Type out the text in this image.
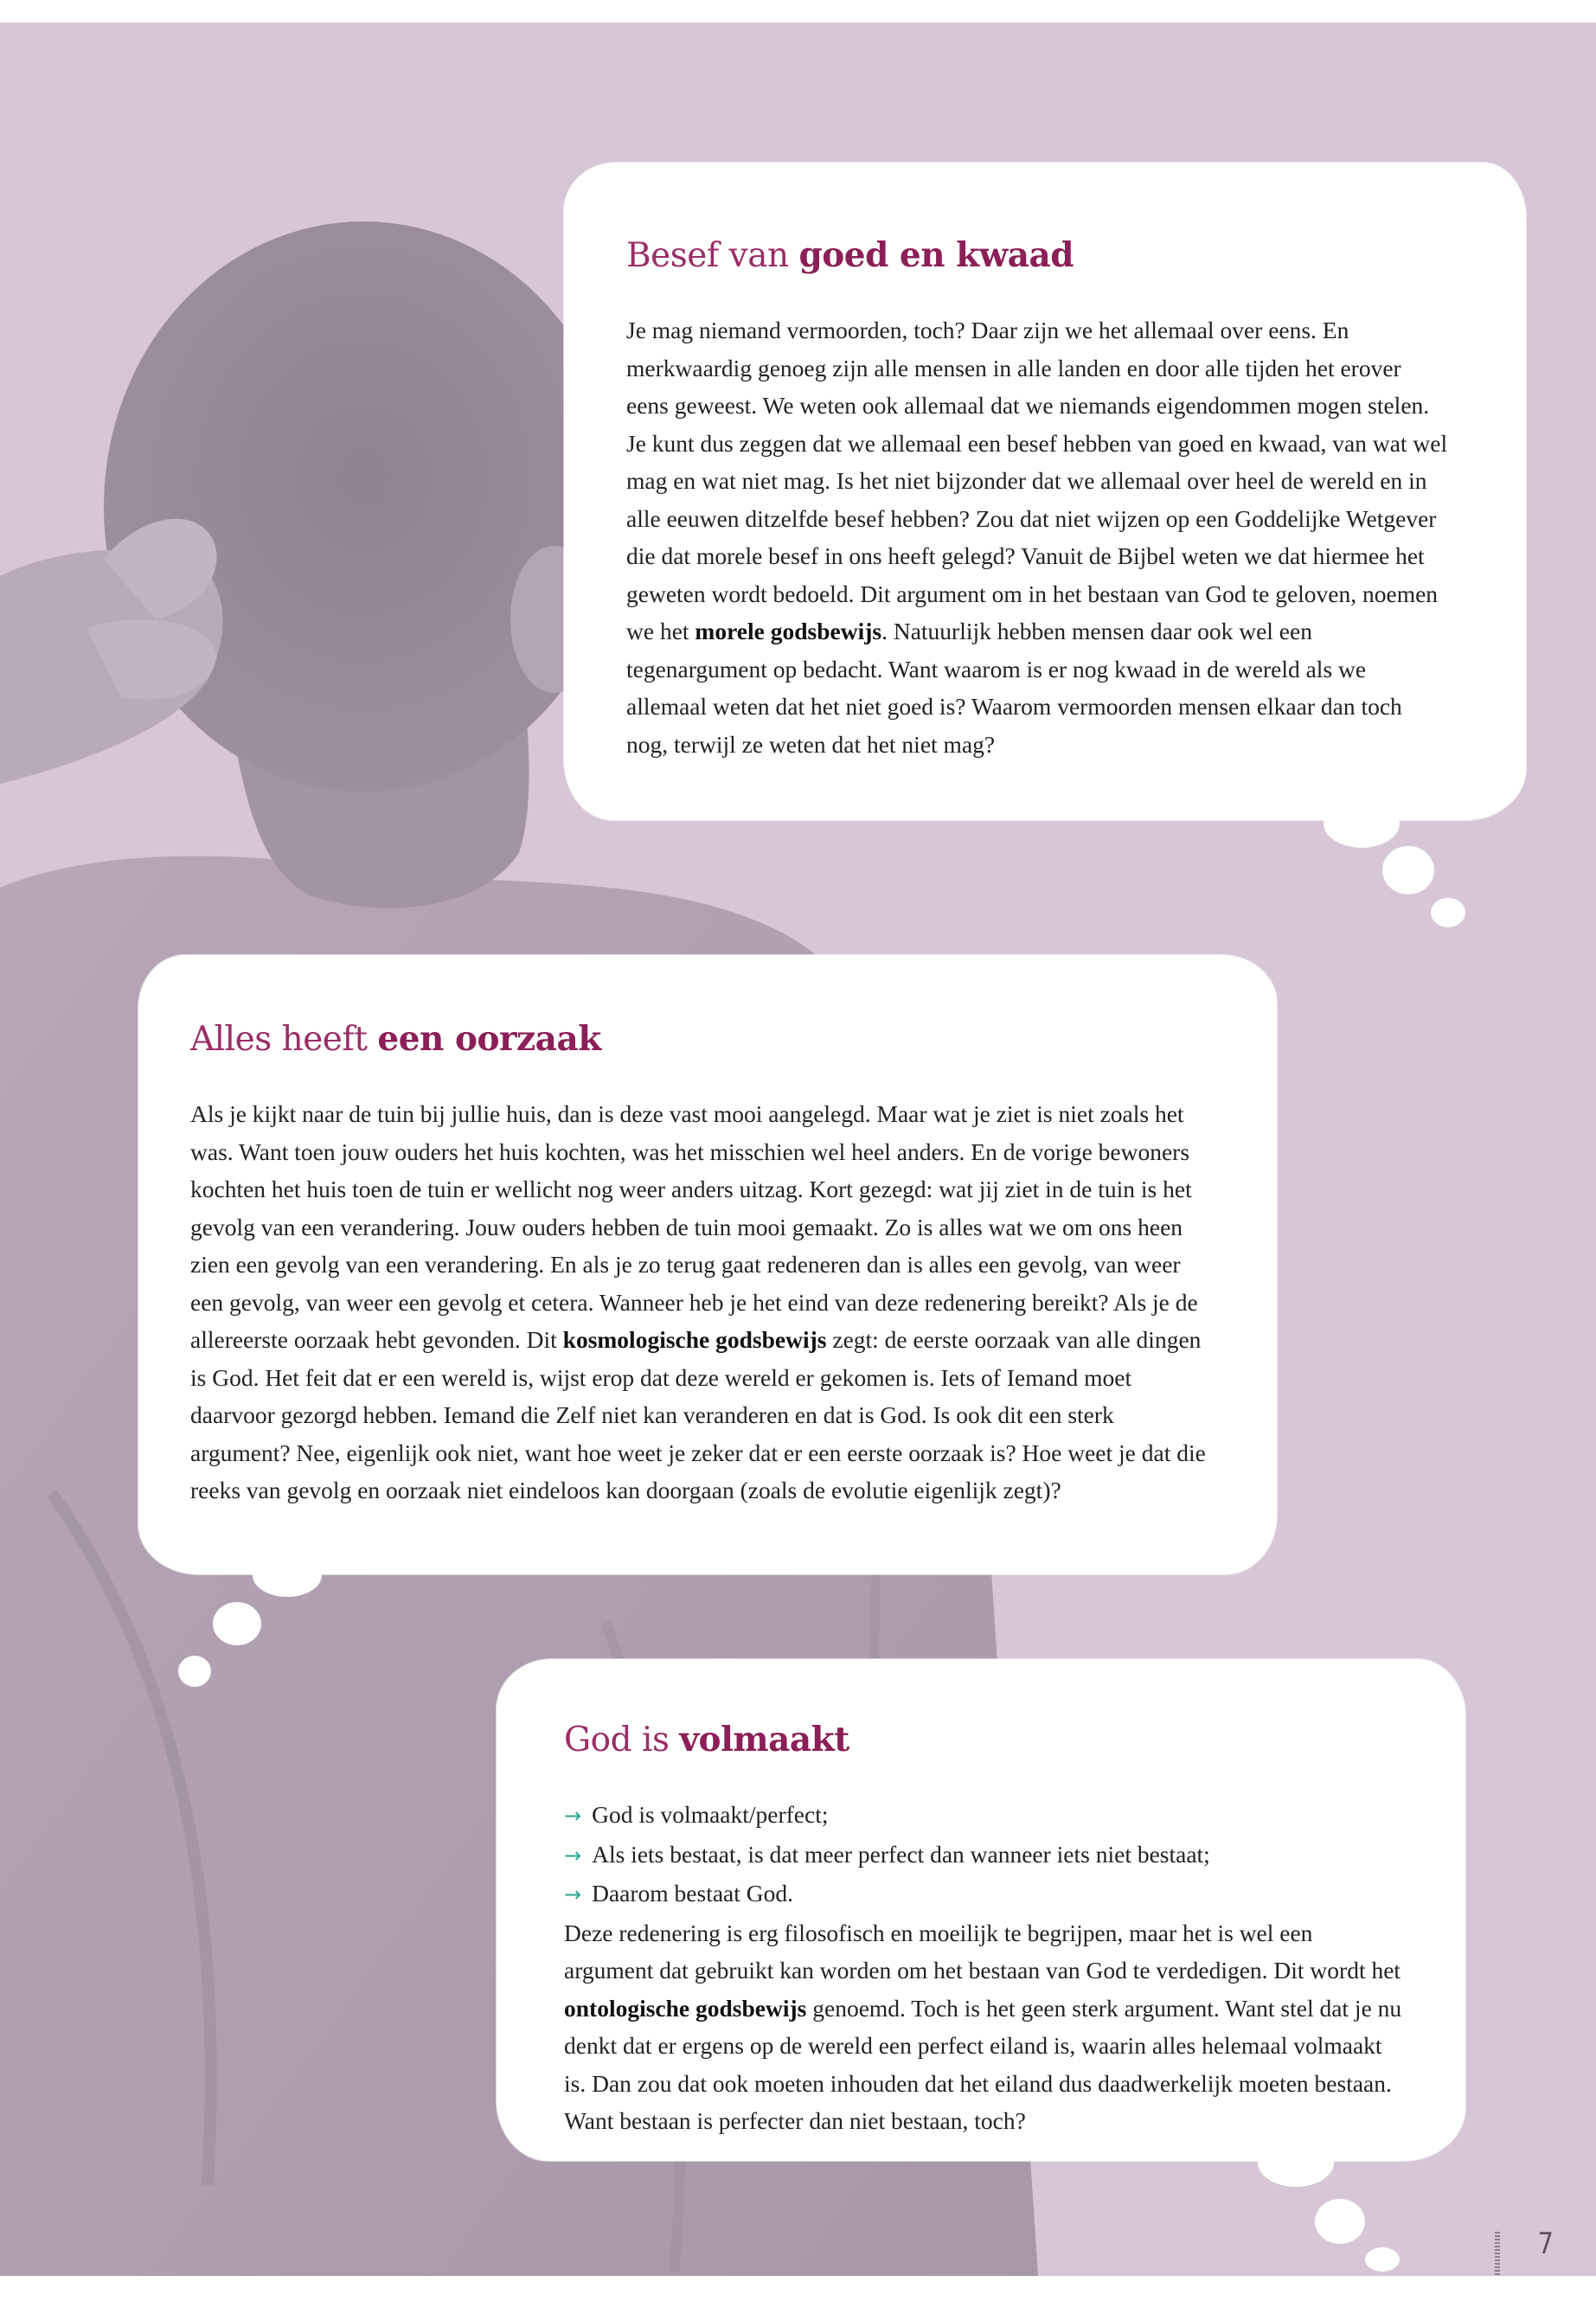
Besef van goed en kwaad

Je mag niemand vermoorden, toch? Daar zijn we het allemaal over eens. En merkwaardig genoeg zijn alle mensen in alle landen en door alle tijden het erover eens geweest. We weten ook allemaal dat we niemands eigendommen mogen stelen. Je kunt dus zeggen dat we allemaal een besef hebben van goed en kwaad, van wat wel mag en wat niet mag. Is het niet bijzonder dat we allemaal over heel de wereld en in alle eeuwen ditzelfde besef hebben? Zou dat niet wijzen op een Goddelijke Wetgever die dat morele besef in ons heeft gelegd? Vanuit de Bijbel weten we dat hiermee het geweten wordt bedoeld. Dit argument om in het bestaan van God te geloven, noemen we het morele godsbewijs. Natuurlijk hebben mensen daar ook wel een tegenargument op bedacht. Want waarom is er nog kwaad in de wereld als we allemaal weten dat het niet goed is? Waarom vermoorden mensen elkaar dan toch nog, terwijl ze weten dat het niet mag?

Alles heeft een oorzaak

Als je kijkt naar de tuin bij jullie huis, dan is deze vast mooi aangelegd. Maar wat je ziet is niet zoals het was. Want toen jouw ouders het huis kochten, was het misschien wel heel anders. En de vorige bewoners kochten het huis toen de tuin er wellicht nog weer anders uitzag. Kort gezegd: wat jij ziet in de tuin is het gevolg van een verandering. Jouw ouders hebben de tuin mooi gemaakt. Zo is alles wat we om ons heen zien een gevolg van een verandering. En als je zo terug gaat redeneren dan is alles een gevolg, van weer een gevolg, van weer een gevolg et cetera. Wanneer heb je het eind van deze redenering bereikt? Als je de allereerste oorzaak hebt gevonden. Dit kosmologische godsbewijs zegt: de eerste oorzaak van alle dingen is God. Het feit dat er een wereld is, wijst erop dat deze wereld er gekomen is. Iets of Iemand moet daarvoor gezorgd hebben. Iemand die Zelf niet kan veranderen en dat is God. Is ook dit een sterk argument? Nee, eigenlijk ook niet, want hoe weet je zeker dat er een eerste oorzaak is? Hoe weet je dat die reeks van gevolg en oorzaak niet eindeloos kan doorgaan (zoals de evolutie eigenlijk zegt)?

God is volmaakt
→ God is volmaakt/perfect;
→ Als iets bestaat, is dat meer perfect dan wanneer iets niet bestaat;
→ Daarom bestaat God.

Deze redenering is erg filosofisch en moeilijk te begrijpen, maar het is wel een argument dat gebruikt kan worden om het bestaan van God te verdedigen. Dit wordt het ontologische godsbewijs genoemd. Toch is het geen sterk argument. Want stel dat je nu denkt dat er ergens op de wereld een perfect eiland is, waarin alles helemaal volmaakt is. Dan zou dat ook moeten inhouden dat het eiland dus daadwerkelijk moeten bestaan. Want bestaan is perfecter dan niet bestaan, toch?

7
